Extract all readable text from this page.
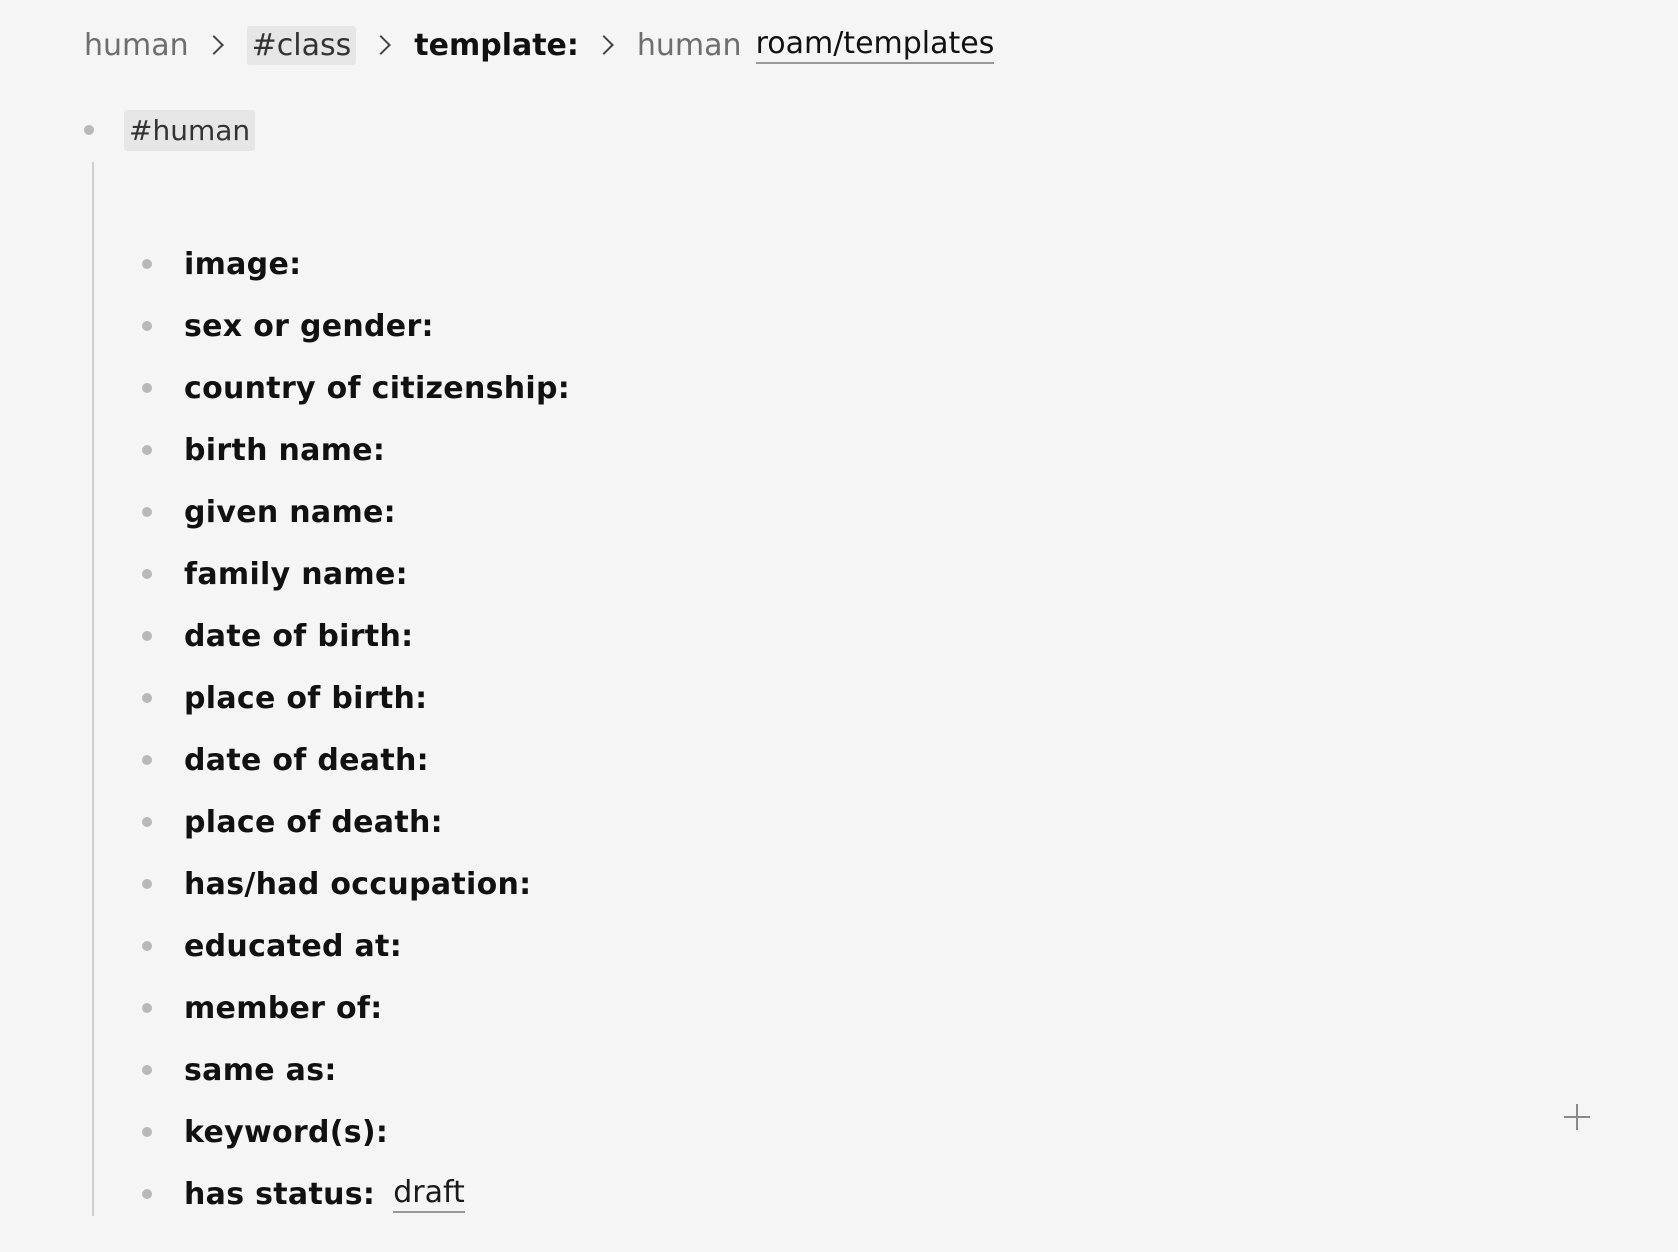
human #class template: human roam/templates
#human
image:
sex or gender:
country of citizenship:
birth name:
given name:
family name:
date of birth:
place of birth:
date of death:
place of death:
has/had occupation:
educated at:
member of:
same as:
keyword(s):
has status: draft
